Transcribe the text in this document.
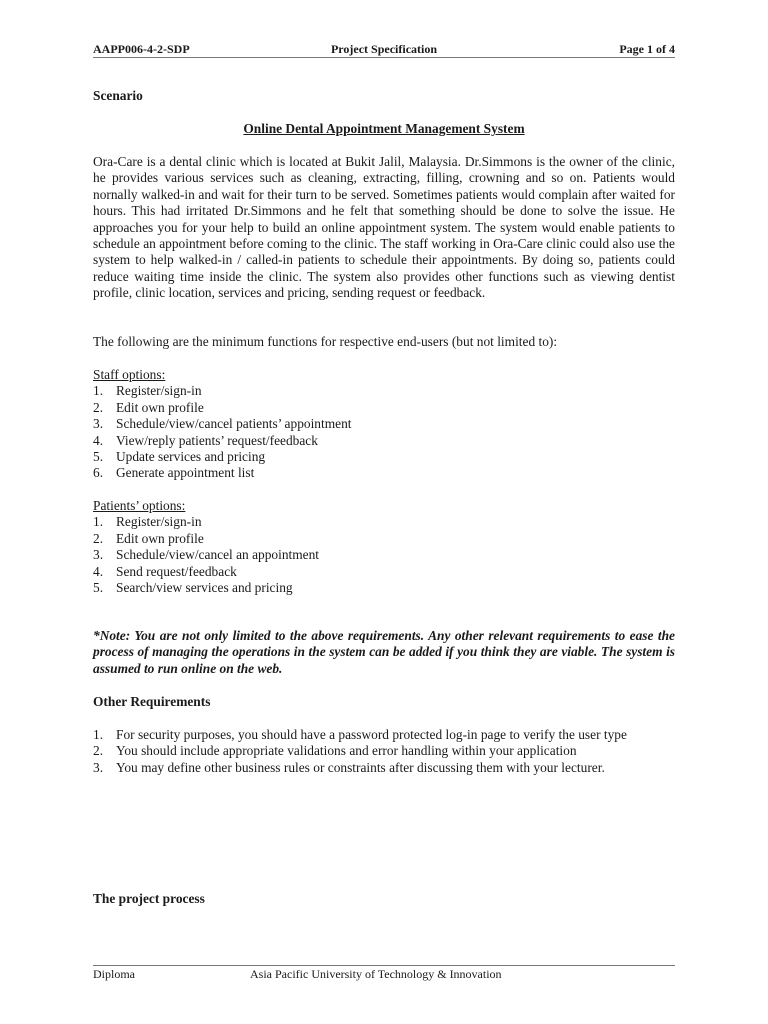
AAPP006-4-2-SDP	Project Specification	Page 1 of 4
Scenario
Online Dental Appointment Management System
Ora-Care is a dental clinic which is located at Bukit Jalil, Malaysia. Dr.Simmons is the owner of the clinic, he provides various services such as cleaning, extracting, filling, crowning and so on. Patients would nornally walked-in and wait for their turn to be served. Sometimes patients would complain after waited for hours. This had irritated Dr.Simmons and he felt that something should be done to solve the issue. He approaches you for your help to build an online appointment system. The system would enable patients to schedule an appointment before coming to the clinic. The staff working in Ora-Care clinic could also use the system to help walked-in / called-in patients to schedule their appointments. By doing so, patients could reduce waiting time inside the clinic. The system also provides other functions such as viewing dentist profile, clinic location, services and pricing, sending request or feedback.
The following are the minimum functions for respective end-users (but not limited to):
Staff options:
1. Register/sign-in
2. Edit own profile
3. Schedule/view/cancel patients’ appointment
4. View/reply patients’ request/feedback
5. Update services and pricing
6. Generate appointment list
Patients’ options:
1. Register/sign-in
2. Edit own profile
3. Schedule/view/cancel an appointment
4. Send request/feedback
5. Search/view services and pricing
*Note: You are not only limited to the above requirements. Any other relevant requirements to ease the process of managing the operations in the system can be added if you think they are viable. The system is assumed to run online on the web.
Other Requirements
1. For security purposes, you should have a password protected log-in page to verify the user type
2. You should include appropriate validations and error handling within your application
3. You may define other business rules or constraints after discussing them with your lecturer.
The project process
Diploma	Asia Pacific University of Technology & Innovation
